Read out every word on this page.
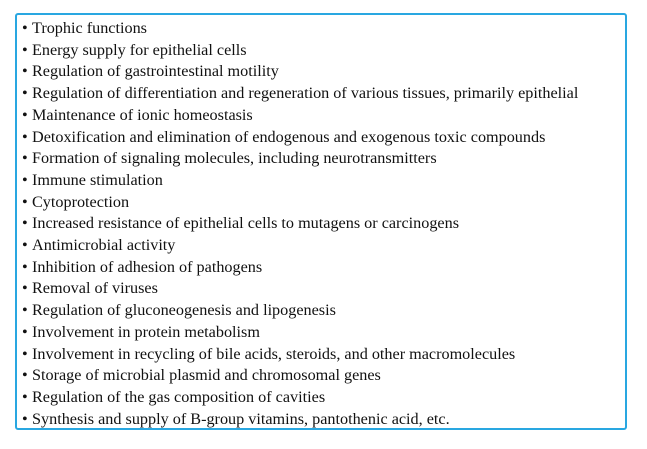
• Trophic functions
• Energy supply for epithelial cells
• Regulation of gastrointestinal motility
• Regulation of differentiation and regeneration of various tissues, primarily epithelial
• Maintenance of ionic homeostasis
• Detoxification and elimination of endogenous and exogenous toxic compounds
• Formation of signaling molecules, including neurotransmitters
• Immune stimulation
• Cytoprotection
• Increased resistance of epithelial cells to mutagens or carcinogens
• Antimicrobial activity
• Inhibition of adhesion of pathogens
• Removal of viruses
• Regulation of gluconeogenesis and lipogenesis
• Involvement in protein metabolism
• Involvement in recycling of bile acids, steroids, and other macromolecules
• Storage of microbial plasmid and chromosomal genes
• Regulation of the gas composition of cavities
• Synthesis and supply of B-group vitamins, pantothenic acid, etc.
